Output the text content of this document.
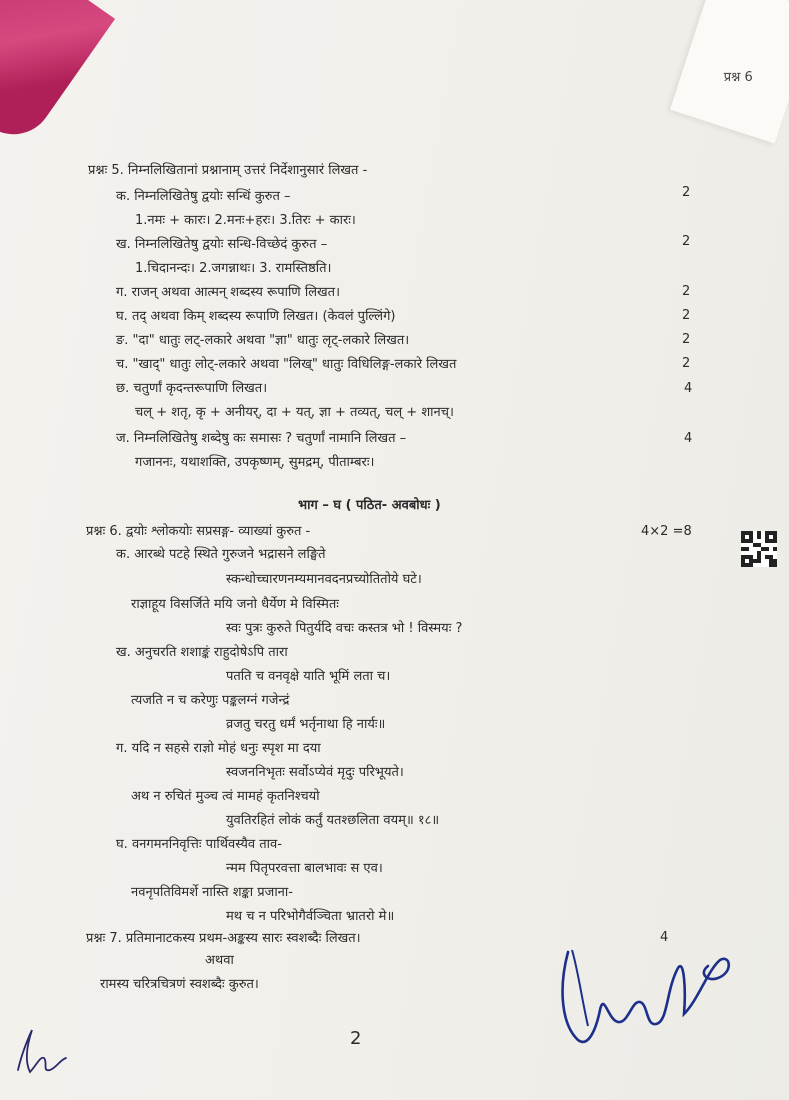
प्रश्न 6
प्रश्नः 5. निम्नलिखितानां प्रश्नानाम् उत्तरं निर्देशानुसारं लिखत -
क. निम्नलिखितेषु द्वयोः सन्धिं कुरुत –	2
1.नमः + कारः। 2.मनः+हरः। 3.तिरः + कारः।
ख. निम्नलिखितेषु द्वयोः सन्धि-विच्छेदं कुरुत –	2
1.चिदानन्दः। 2.जगन्नाथः। 3. रामस्तिष्ठति।
ग. राजन् अथवा आत्मन् शब्दस्य रूपाणि लिखत।	2
घ. तद् अथवा किम् शब्दस्य रूपाणि लिखत। (केवलं पुल्लिंगे)	2
ङ. "दा" धातुः लट्-लकारे अथवा "ज्ञा" धातुः लृट्-लकारे लिखत।	2
च. "खाद्" धातुः लोट्-लकारे अथवा "लिख्" धातुः विधिलिङ्ग-लकारे लिखत	2
छ. चतुर्णां कृदन्तरूपाणि लिखत।	4
चल् + शतृ, कृ + अनीयर्, दा + यत्, ज्ञा + तव्यत्, चल् + शानच्।
ज. निम्नलिखितेषु शब्देषु कः समासः ? चतुर्णां नामानि लिखत –	4
गजाननः, यथाशक्ति, उपकृष्णम्, सुमद्रम्, पीताम्बरः।
भाग – घ ( पठित- अवबोधः )
प्रश्नः 6. द्वयोः श्लोकयोः सप्रसङ्ग- व्याख्यां कुरुत -	4×2 =8
क. आरब्धे पटहे स्थिते गुरुजने भद्रासने लङ्घिते
स्कन्धोच्चारणनम्यमानवदनप्रच्योतितोये घटे।
राज्ञाहूय विसर्जिते मयि जनो धैर्येण मे विस्मितः
स्वः पुत्रः कुरुते पितुर्यदि वचः कस्तत्र भो ! विस्मयः ?
ख. अनुचरति शशाङ्कं राहुदोषेऽपि तारा
पतति च वनवृक्षे याति भूमिं लता च।
त्यजति न च करेणुः पङ्कलग्नं गजेन्द्रं
व्रजतु चरतु धर्मं भर्तृनाथा हि नार्यः॥
ग. यदि न सहसे राज्ञो मोहं धनुः स्पृश मा दया
स्वजननिभृतः सर्वोऽप्येवं मृदुः परिभूयते।
अथ न रुचितं मुञ्च त्वं मामहं कृतनिश्चयो
युवतिरहितं लोकं कर्तुं यतश्छलिता वयम्॥ १८॥
घ. वनगमननिवृत्तिः पार्थिवस्यैव ताव-
न्मम पितृपरवत्ता बालभावः स एव।
नवनृपतिविमर्शे नास्ति शङ्का प्रजाना-
मथ च न परिभोगैर्वञ्चिता भ्रातरो मे॥
प्रश्नः 7. प्रतिमानाटकस्य प्रथम-अङ्कस्य सारः स्वशब्दैः लिखत।	4
अथवा
रामस्य चरित्रचित्रणं स्वशब्दैः कुरुत।
2
